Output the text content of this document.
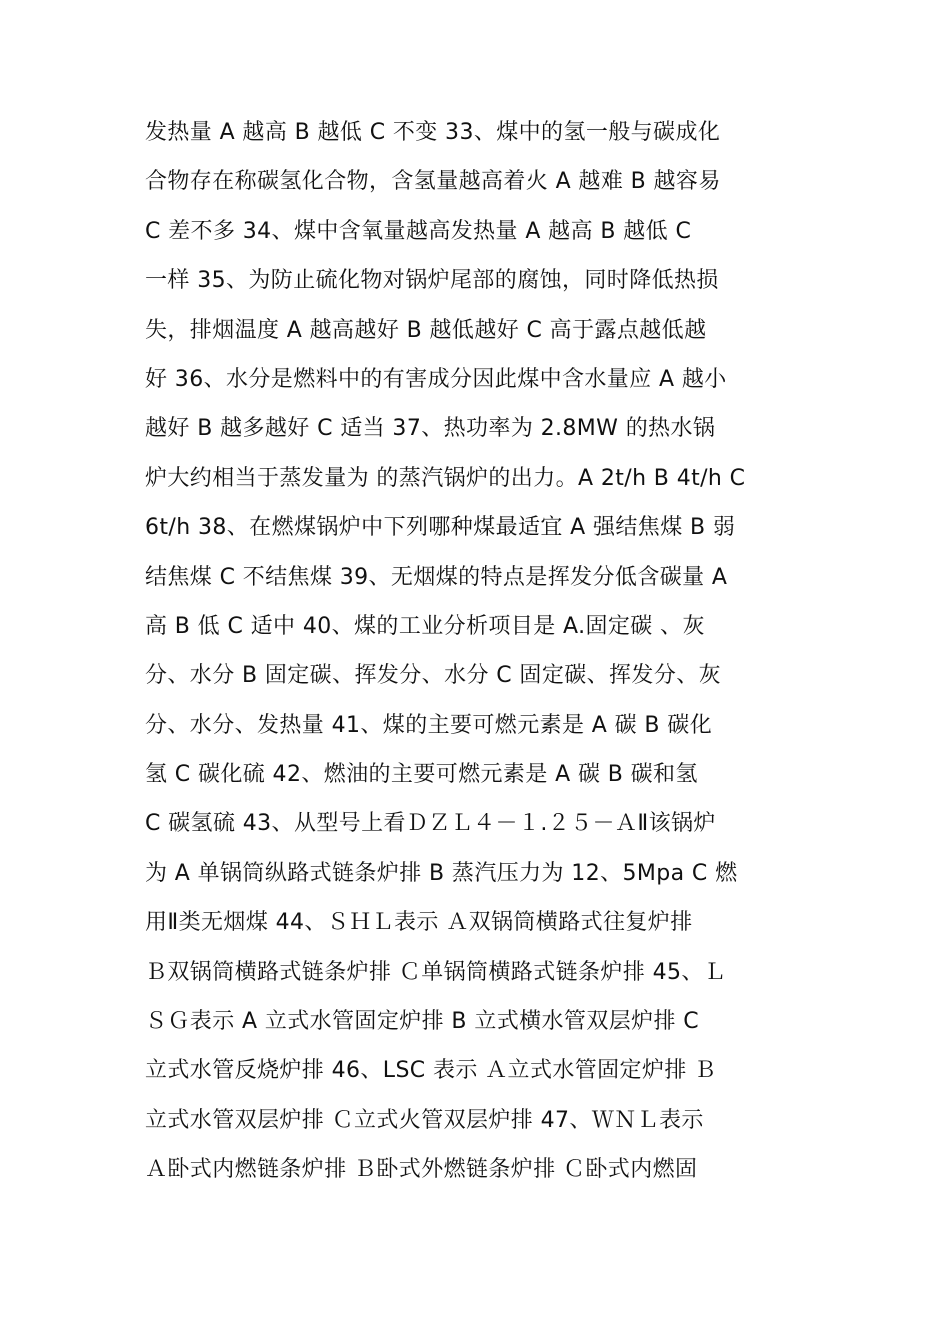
发热量 A 越高 B 越低 C 不变 33、煤中的氢一般与碳成化
合物存在称碳氢化合物，含氢量越高着火 A 越难 B 越容易
C 差不多 34、煤中含氧量越高发热量 A 越高 B 越低 C
一样 35、为防止硫化物对锅炉尾部的腐蚀，同时降低热损
失，排烟温度 A 越高越好 B 越低越好 C 高于露点越低越
好 36、水分是燃料中的有害成分因此煤中含水量应 A 越小
越好 B 越多越好 C 适当 37、热功率为 2.8MW 的热水锅
炉大约相当于蒸发量为 的蒸汽锅炉的出力。A 2t/h B 4t/h C
6t/h 38、在燃煤锅炉中下列哪种煤最适宜 A 强结焦煤 B 弱
结焦煤 C 不结焦煤 39、无烟煤的特点是挥发分低含碳量 A
高 B 低 C 适中 40、煤的工业分析项目是 A.固定碳 、灰
分、水分 B 固定碳、挥发分、水分 C 固定碳、挥发分、灰
分、水分、发热量 41、煤的主要可燃元素是 A 碳 B 碳化
氢 C 碳化硫 42、燃油的主要可燃元素是 A 碳 B 碳和氢
C 碳氢硫 43、从型号上看ＤＺＬ４－１.２５－ＡⅡ该锅炉
为 A 单锅筒纵路式链条炉排 B 蒸汽压力为 12、5Mpa C 燃
用Ⅱ类无烟煤 44、ＳＨＬ表示 Ａ双锅筒横路式往复炉排
Ｂ双锅筒横路式链条炉排 Ｃ单锅筒横路式链条炉排 45、Ｌ
ＳＧ表示 A 立式水管固定炉排 B 立式横水管双层炉排 C
立式水管反烧炉排 46、LSC 表示 Ａ立式水管固定炉排 Ｂ
立式水管双层炉排 Ｃ立式火管双层炉排 47、ＷＮＬ表示
Ａ卧式内燃链条炉排 Ｂ卧式外燃链条炉排 Ｃ卧式内燃固
